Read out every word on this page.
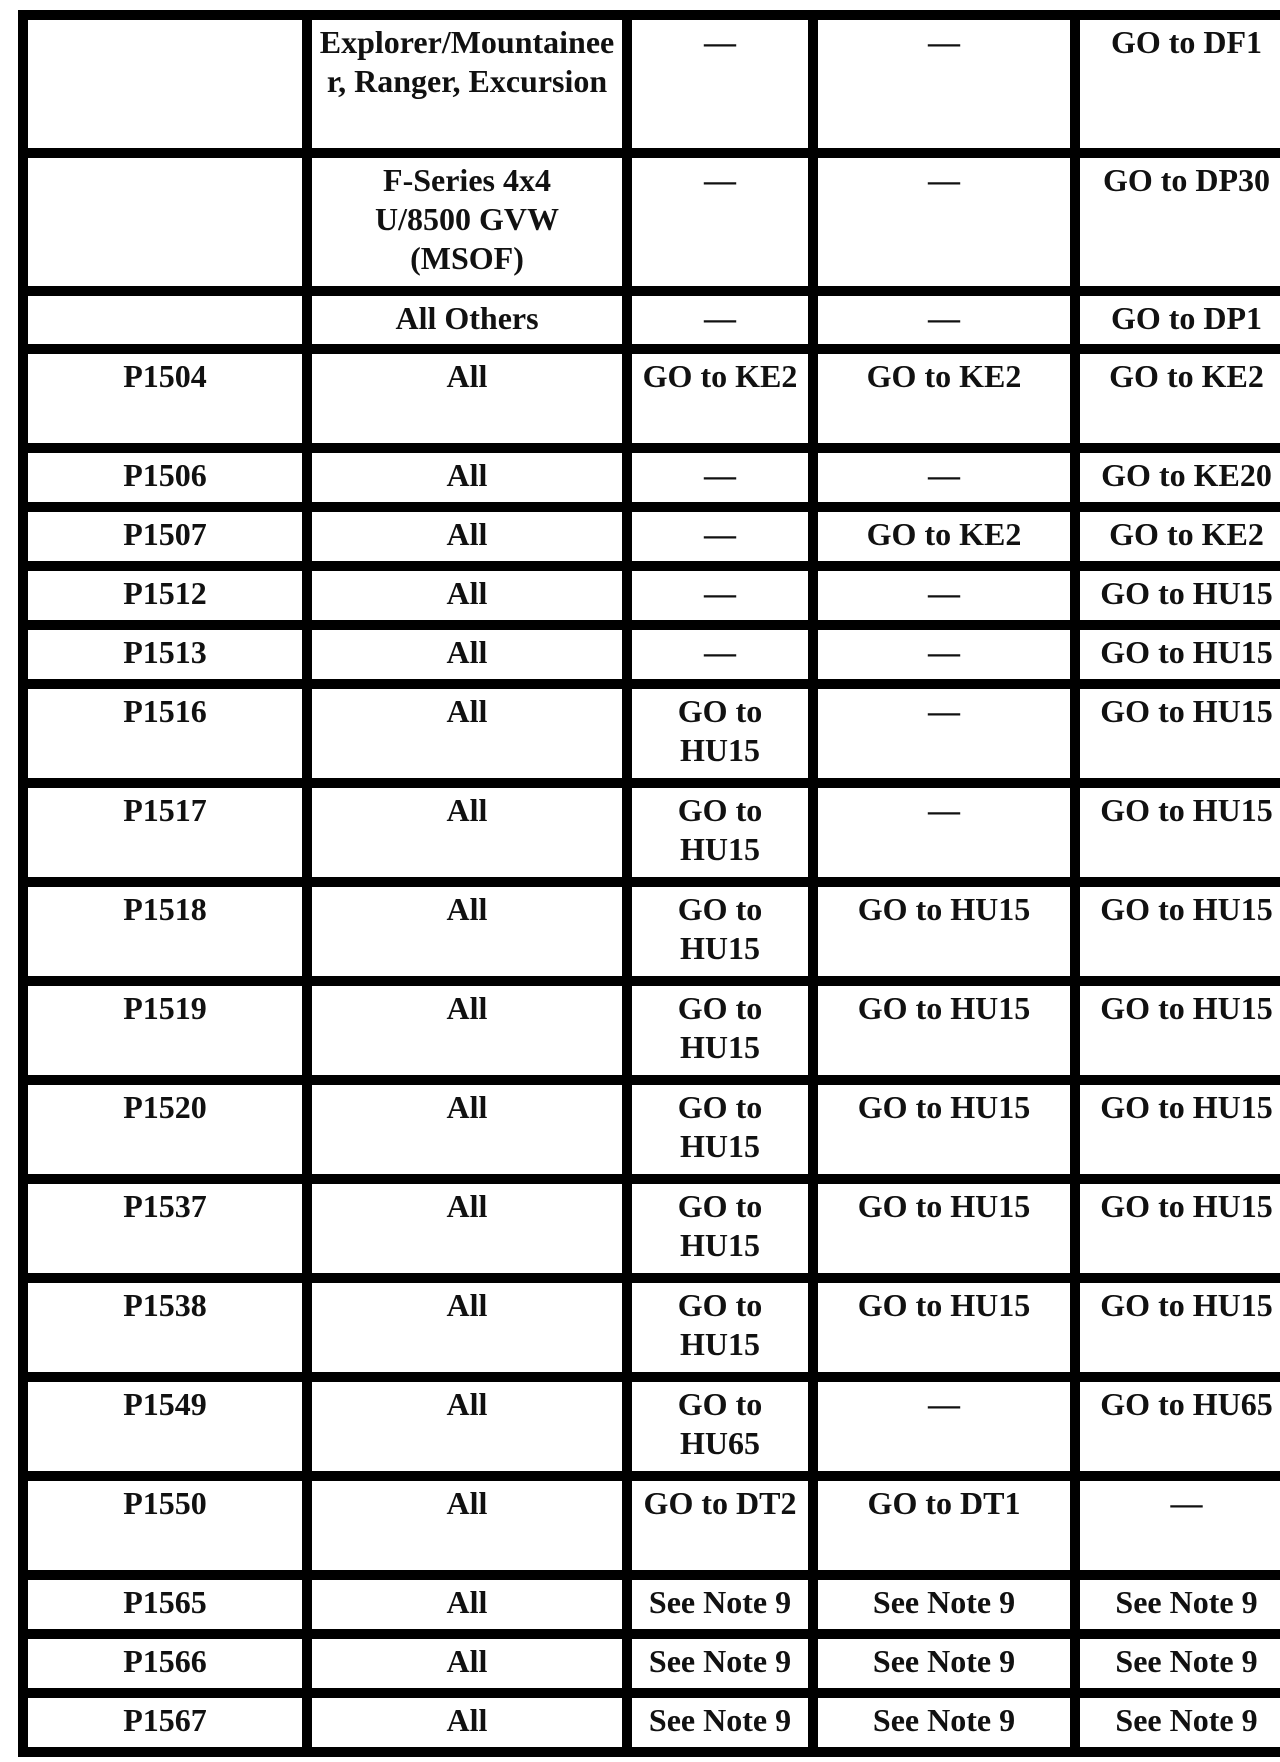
	Explorer/Mountaineer, Ranger, Excursion	—	—	GO to DF1
	F-Series 4x4 U/8500 GVW (MSOF)	—	—	GO to DP30
	All Others	—	—	GO to DP1
P1504	All	GO to KE2	GO to KE2	GO to KE2
P1506	All	—	—	GO to KE20
P1507	All	—	GO to KE2	GO to KE2
P1512	All	—	—	GO to HU15
P1513	All	—	—	GO to HU15
P1516	All	GO to HU15	—	GO to HU15
P1517	All	GO to HU15	—	GO to HU15
P1518	All	GO to HU15	GO to HU15	GO to HU15
P1519	All	GO to HU15	GO to HU15	GO to HU15
P1520	All	GO to HU15	GO to HU15	GO to HU15
P1537	All	GO to HU15	GO to HU15	GO to HU15
P1538	All	GO to HU15	GO to HU15	GO to HU15
P1549	All	GO to HU65	—	GO to HU65
P1550	All	GO to DT2	GO to DT1	—
P1565	All	See Note 9	See Note 9	See Note 9
P1566	All	See Note 9	See Note 9	See Note 9
P1567	All	See Note 9	See Note 9	See Note 9
